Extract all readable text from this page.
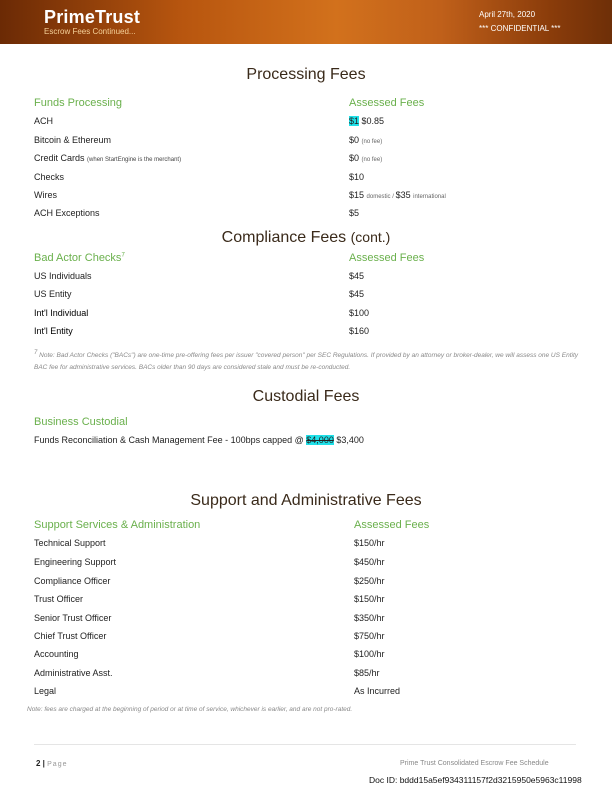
PrimeTrust
Escrow Fees Continued...
April 27th, 2020
*** CONFIDENTIAL ***
Processing Fees
Funds Processing	Assessed Fees
ACH	$1 $0.85
Bitcoin & Ethereum	$0 (no fee)
Credit Cards (when StartEngine is the merchant)	$0 (no fee)
Checks	$10
Wires	$15 domestic / $35 international
ACH Exceptions	$5
Compliance Fees (cont.)
Bad Actor Checks$^7$	Assessed Fees
US Individuals	$45
US Entity	$45
Int'l Individual	$100
Int'l Entity	$160
$^7$ Note: Bad Actor Checks ("BACs") are one-time pre-offering fees per issuer "covered person" per SEC Regulations. If provided by an attorney or broker-dealer, we will assess one US Entity BAC fee for administrative services. BACs older than 90 days are considered stale and must be re-conducted.
Custodial Fees
Business Custodial
Funds Reconciliation & Cash Management Fee - 100bps capped @ $4,000 $3,400
Support and Administrative Fees
Support Services & Administration	Assessed Fees
Technical Support	$150/hr
Engineering Support	$450/hr
Compliance Officer	$250/hr
Trust Officer	$150/hr
Senior Trust Officer	$350/hr
Chief Trust Officer	$750/hr
Accounting	$100/hr
Administrative Asst.	$85/hr
Legal	As Incurred
Note: fees are charged at the beginning of period or at time of service, whichever is earlier, and are not pro-rated.
2 | Page	Prime Trust Consolidated Escrow Fee Schedule
Doc ID: bddd15a5ef934311157f2d3215950e5963c11998
